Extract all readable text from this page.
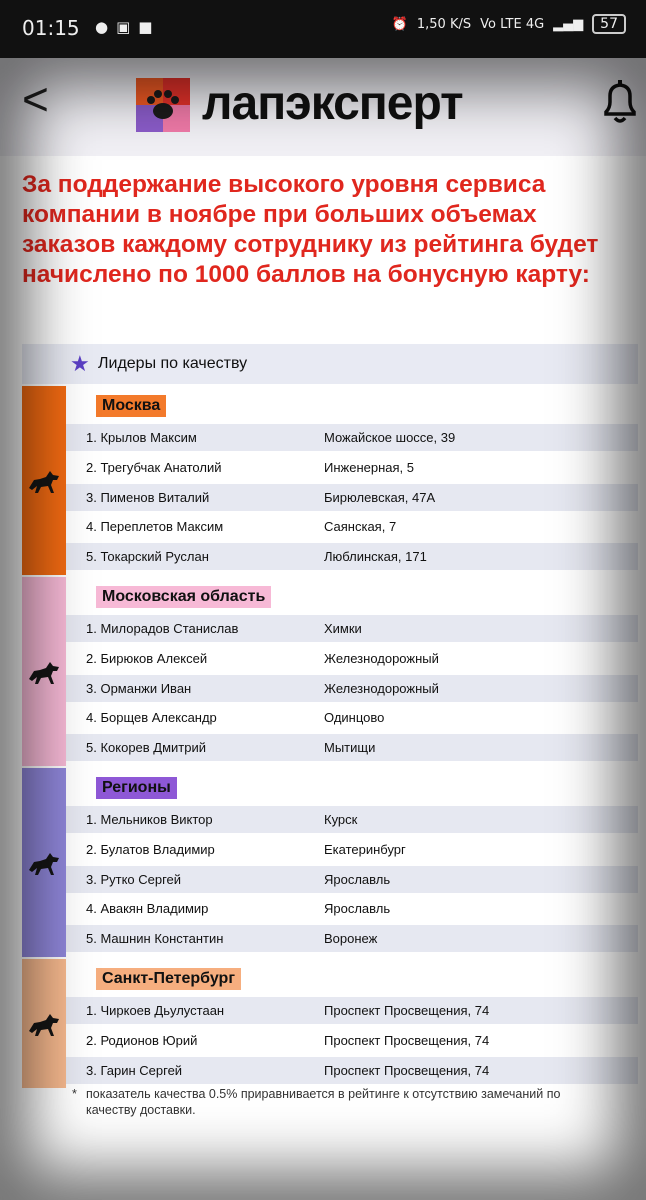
01:15 ●▣■	⏰ 1,50 K/S Vo LTE 4G ▂▄▆	57
<	лапэксперт
За поддержание высокого уровня сервиса компании в ноябре при больших объемах заказов каждому сотруднику из рейтинга будет начислено по 1000 баллов на бонусную карту:
★ Лидеры по качеству
Москва
1. Крылов Максим	Можайское шоссе, 39
2. Трегубчак Анатолий	Инженерная, 5
3. Пименов Виталий	Бирюлевская, 47А
4. Переплетов Максим	Саянская, 7
5. Токарский Руслан	Люблинская, 171
Московская область
1. Милорадов Станислав	Химки
2. Бирюков Алексей	Железнодорожный
3. Орманжи Иван	Железнодорожный
4. Борщев Александр	Одинцово
5. Кокорев Дмитрий	Мытищи
Регионы
1. Мельников Виктор	Курск
2. Булатов Владимир	Екатеринбург
3. Рутко Сергей	Ярославль
4. Авакян Владимир	Ярославль
5. Машнин Константин	Воронеж
Санкт-Петербург
1. Чиркоев Дьулустаан	Проспект Просвещения, 74
2. Родионов Юрий	Проспект Просвещения, 74
3. Гарин Сергей	Проспект Просвещения, 74
* показатель качества 0.5% приравнивается в рейтинге к отсутствию замечаний по качеству доставки.
